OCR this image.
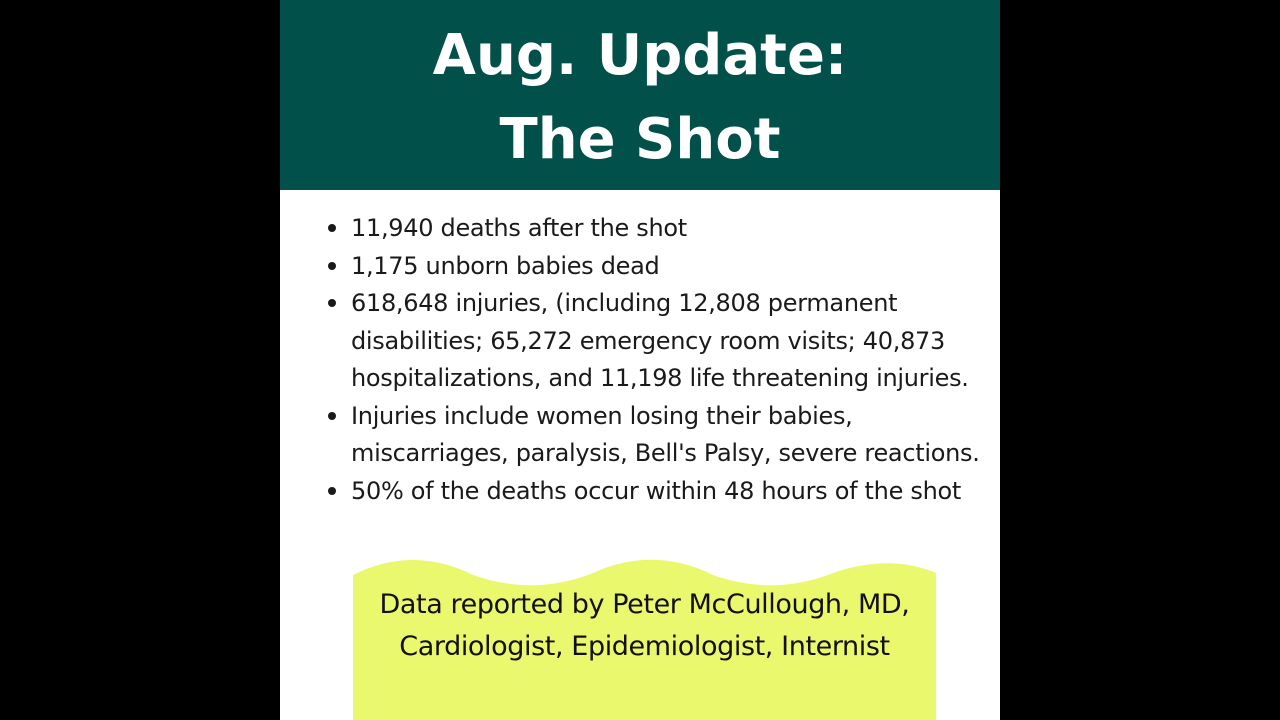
Aug. Update:
The Shot
11,940 deaths after the shot
1,175 unborn babies dead
618,648 injuries, (including 12,808 permanent
disabilities; 65,272 emergency room visits; 40,873
hospitalizations, and 11,198 life threatening injuries.
Injuries include women losing their babies,
miscarriages, paralysis, Bell's Palsy, severe reactions.
50% of the deaths occur within 48 hours of the shot
Data reported by Peter McCullough, MD,
Cardiologist, Epidemiologist, Internist
